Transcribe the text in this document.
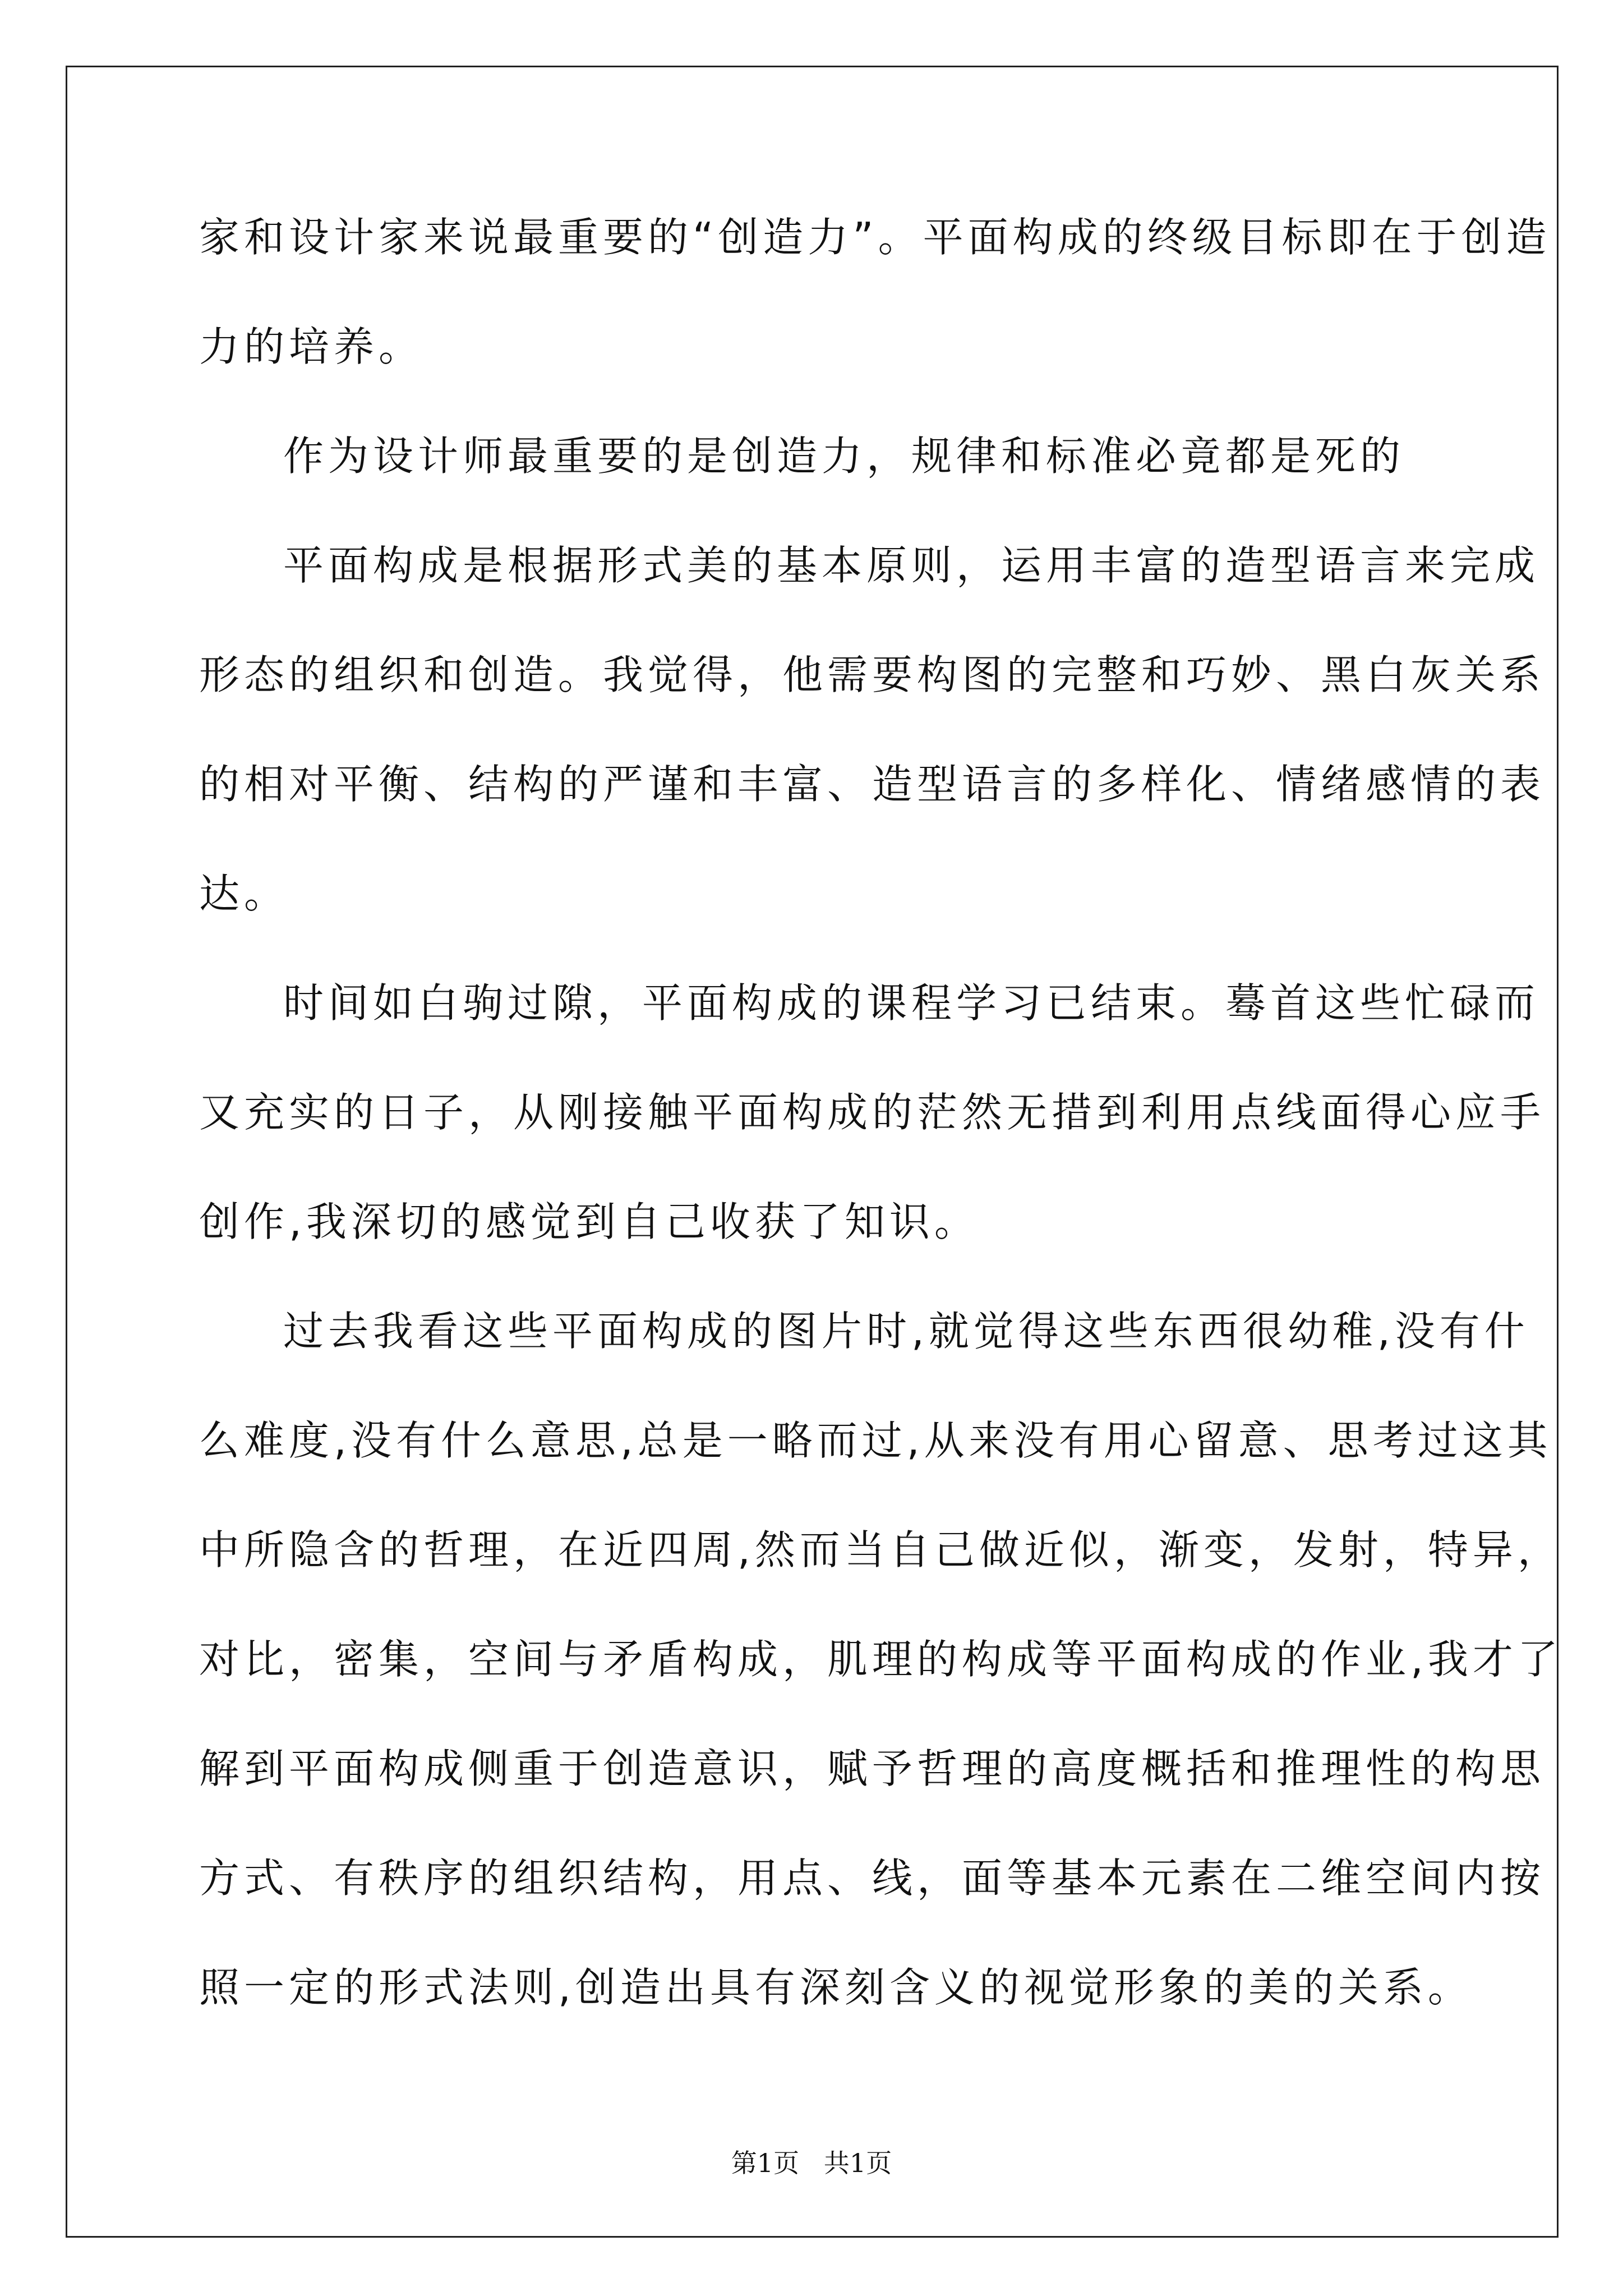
家和设计家来说最重要的“创造力”。平面构成的终级目标即在于创造
力的培养。
作为设计师最重要的是创造力，规律和标准必竟都是死的
平面构成是根据形式美的基本原则，运用丰富的造型语言来完成
形态的组织和创造。我觉得，他需要构图的完整和巧妙、黑白灰关系
的相对平衡、结构的严谨和丰富、造型语言的多样化、情绪感情的表
达。
时间如白驹过隙，平面构成的课程学习已结束。蓦首这些忙碌而
又充实的日子，从刚接触平面构成的茫然无措到利用点线面得心应手
创作,我深切的感觉到自己收获了知识。
过去我看这些平面构成的图片时,就觉得这些东西很幼稚,没有什
么难度,没有什么意思,总是一略而过,从来没有用心留意、思考过这其
中所隐含的哲理，在近四周,然而当自己做近似，渐变，发射，特异，
对比，密集，空间与矛盾构成，肌理的构成等平面构成的作业,我才了
解到平面构成侧重于创造意识，赋予哲理的高度概括和推理性的构思
方式、有秩序的组织结构，用点、线，面等基本元素在二维空间内按
照一定的形式法则,创造出具有深刻含义的视觉形象的美的关系。
第1页   共1页
